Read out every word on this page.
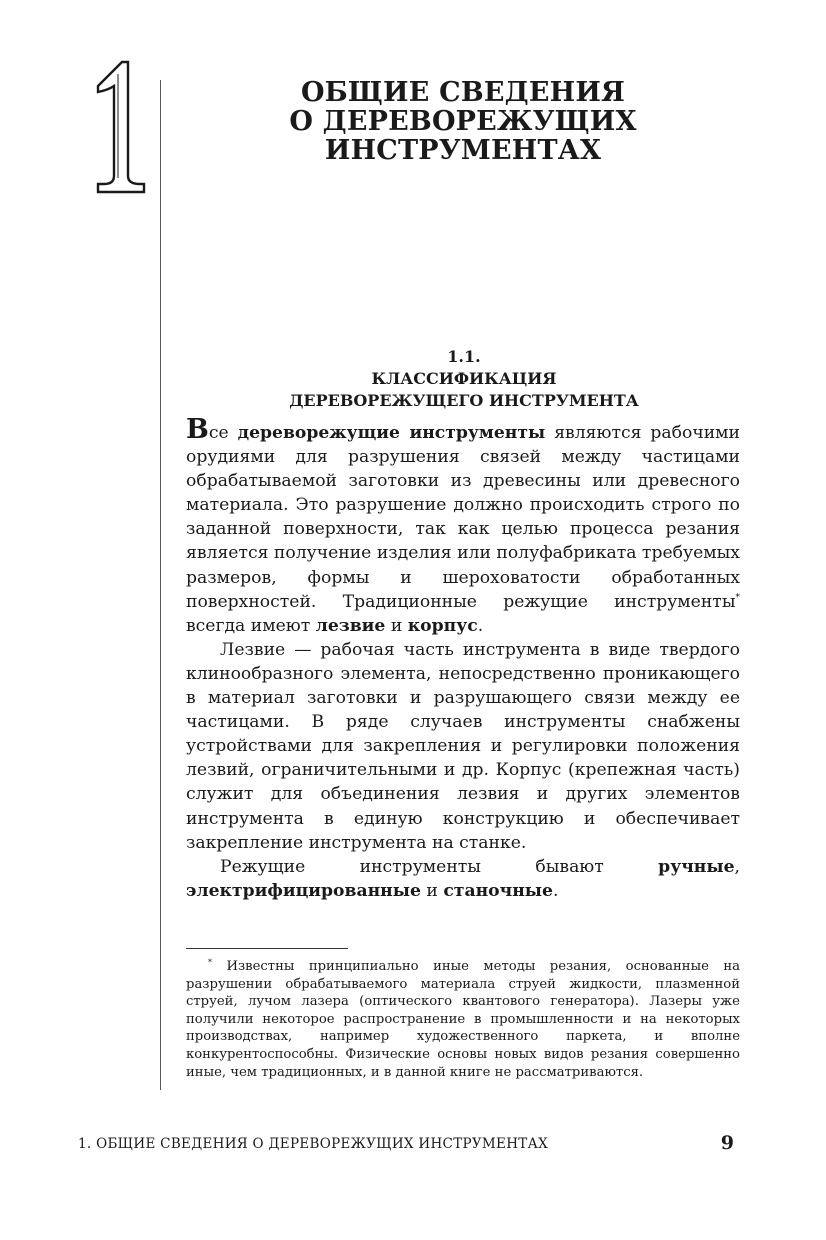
ОБЩИЕ СВЕДЕНИЯ
О ДЕРЕВОРЕЖУЩИХ
ИНСТРУМЕНТАХ
1.1.
КЛАССИФИКАЦИЯ
ДЕРЕВОРЕЖУЩЕГО ИНСТРУМЕНТА

Все дереворежущие инструменты являются рабочими орудиями для разрушения связей между частицами обрабатываемой заготовки из древесины или древесного материала. Это разрушение должно происходить строго по заданной поверхности, так как целью процесса резания является получение изделия или полуфабриката требуемых размеров, формы и шероховатости обработанных поверхностей. Традиционные режущие инструменты* всегда имеют лезвие и корпус.

Лезвие — рабочая часть инструмента в виде твердого клинообразного элемента, непосредственно проникающего в материал заготовки и разрушающего связи между ее частицами. В ряде случаев инструменты снабжены устройствами для закрепления и регулировки положения лезвий, ограничительными и др. Корпус (крепежная часть) служит для объединения лезвия и других элементов инструмента в единую конструкцию и обеспечивает закрепление инструмента на станке.

Режущие инструменты бывают ручные, электрифицированные и станочные.

* Известны принципиально иные методы резания, основанные на разрушении обрабатываемого материала струей жидкости, плазменной струей, лучом лазера (оптического квантового генератора). Лазеры уже получили некоторое распространение в промышленности и на некоторых производствах, например художественного паркета, и вполне конкурентоспособны. Физические основы новых видов резания совершенно иные, чем традиционных, и в данной книге не рассматриваются.
1. ОБЩИЕ СВЕДЕНИЯ О ДЕРЕВОРЕЖУЩИХ ИНСТРУМЕНТАХ	9
